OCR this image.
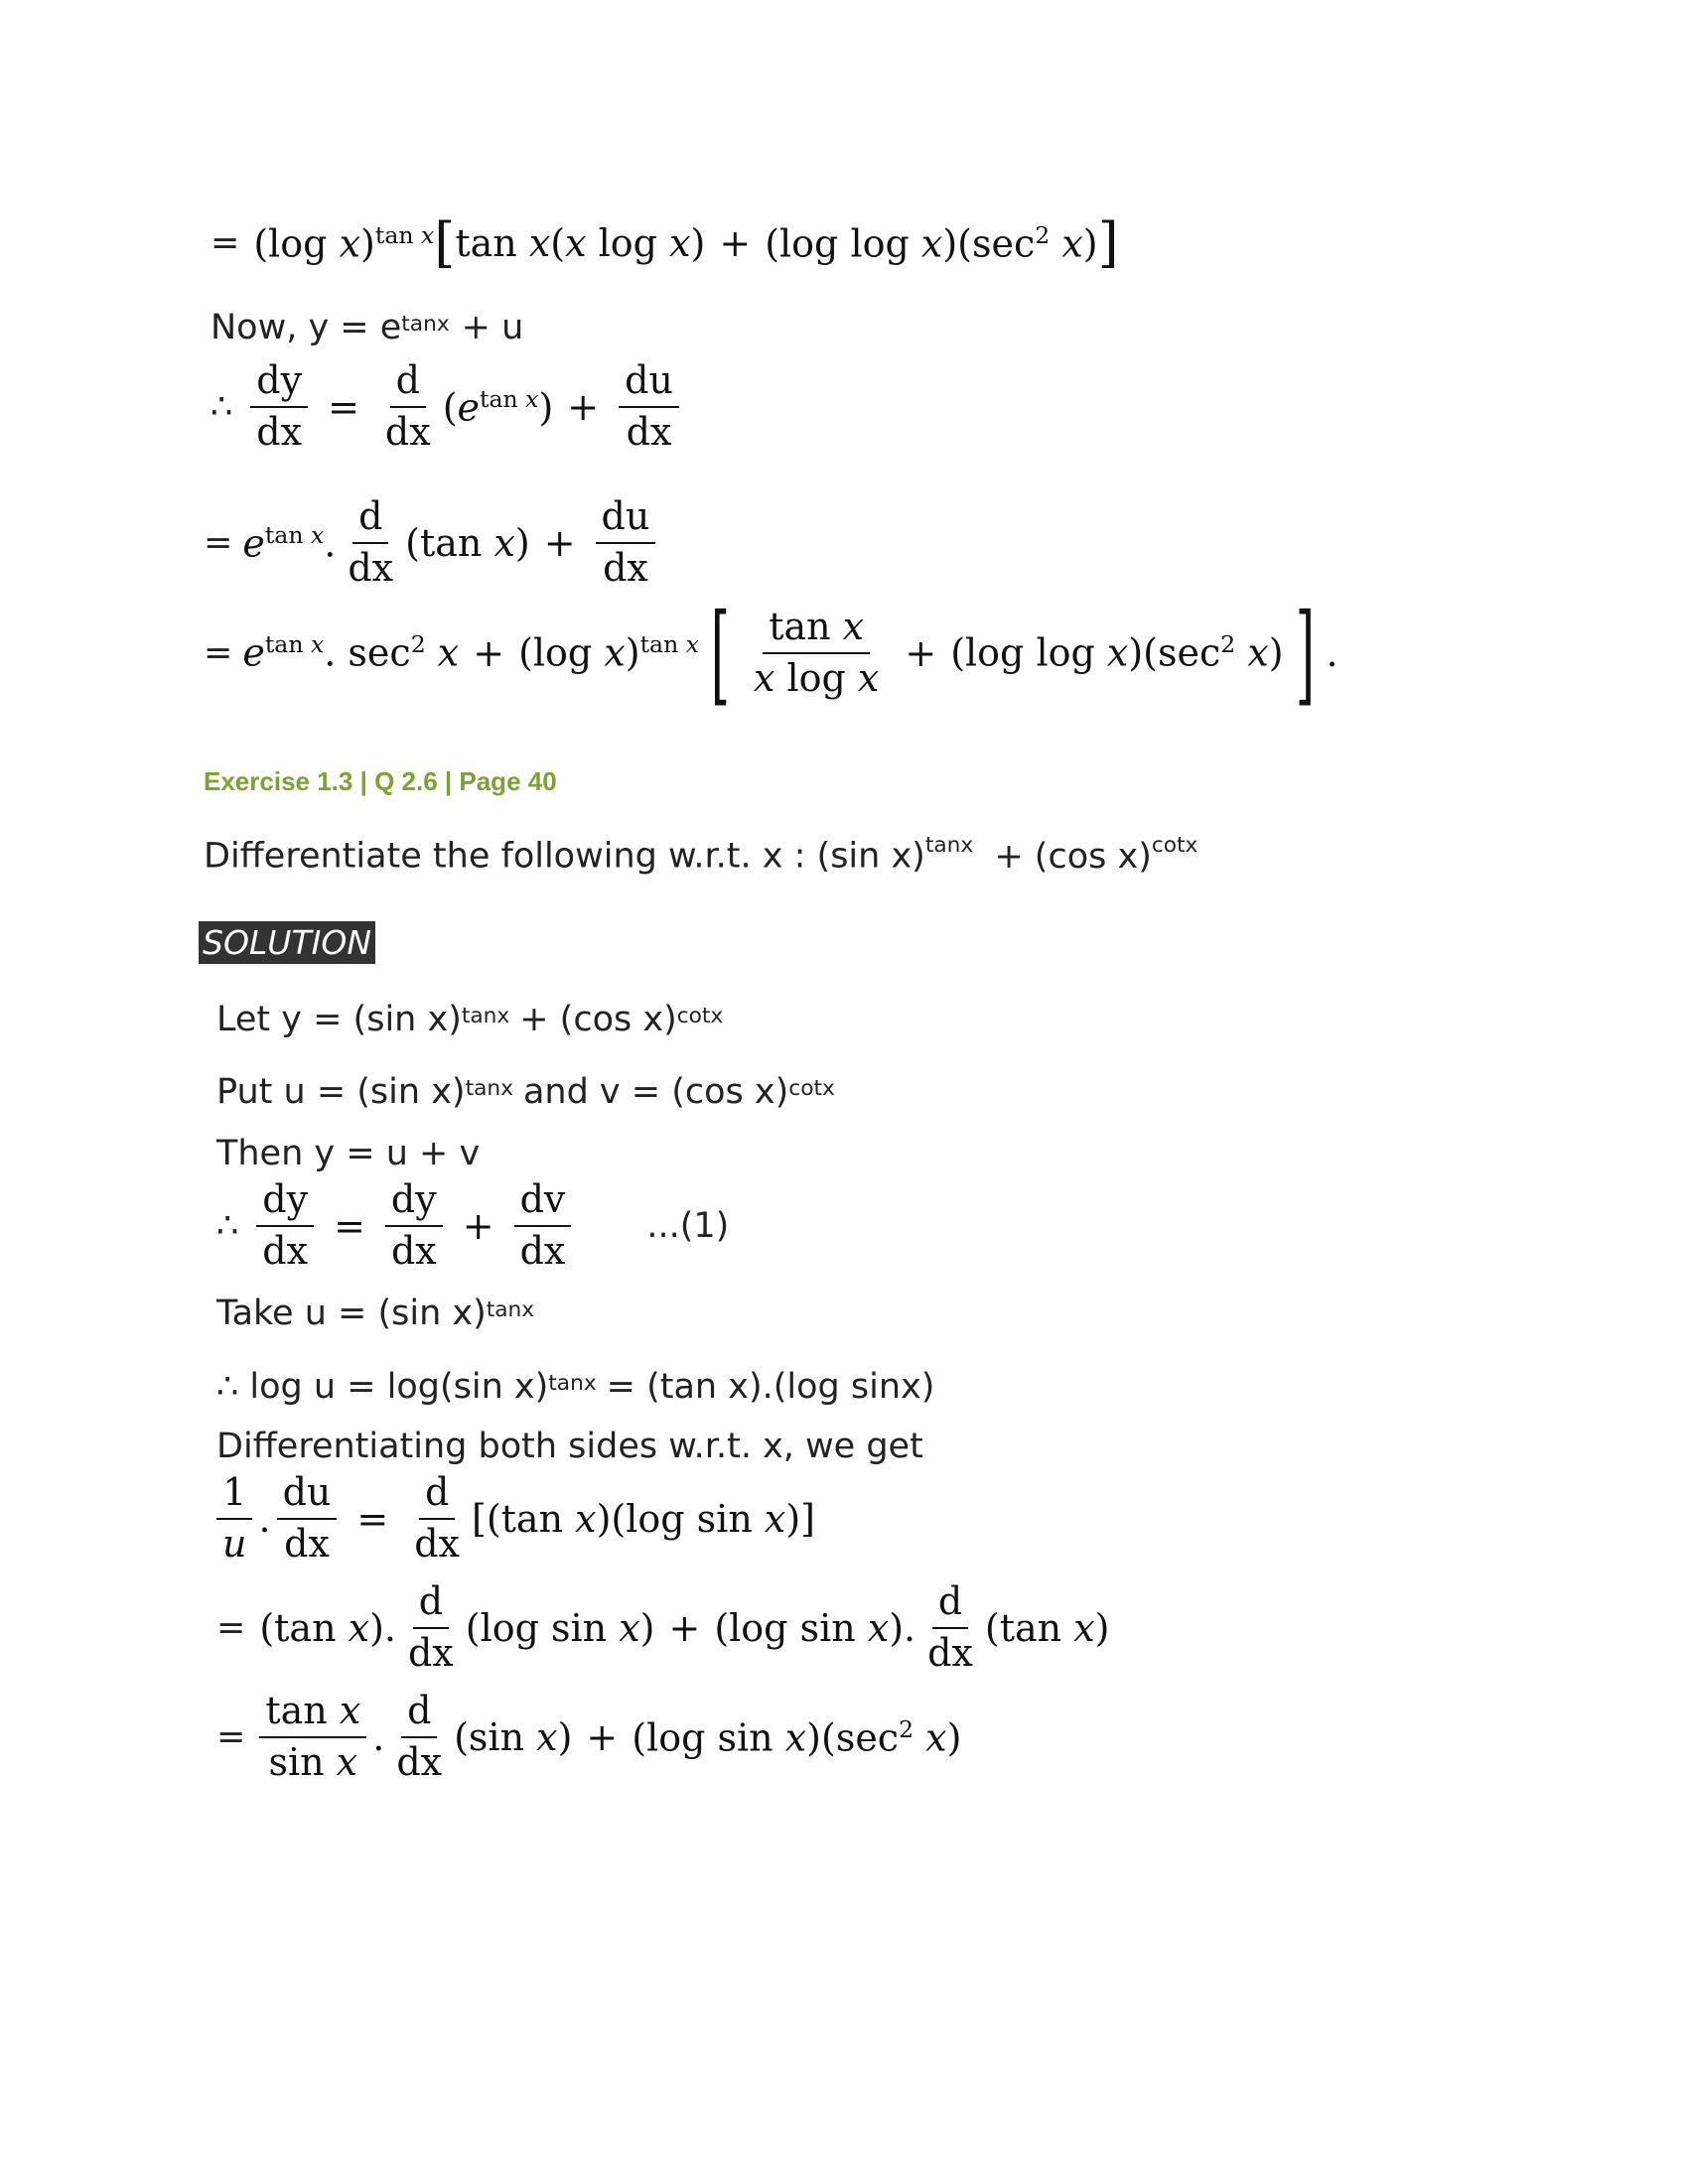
= (log x)$^{tan x}$ [ tan x(x log x) + (log $\log x)(\sec^2$ x) ]
Now, $y = e^{tanx} + u$
∴ $\frac{dy}{dx} = \frac{d}{dx} (e^{tan x}) + \frac{du}{dx}$
= $e^{tan x}$. $\frac{d}{dx} (\tan$ $x) + \frac{du}{dx}$
= $e^{tan x}$. $\sec^2 x + (\log$ x)$^{tan x}$ [ $\frac{\text{tan x}}{\text{x log x}} + (\log$ $\log x)(\sec^2$ x) ] .
Exercise 1.3 | Q 2.6 | Page 40
Differentiate the following w.r.t. x : (sin x)$^{tanx}$ + (cos x)$^{cotx}$
SOLUTION
Let y = (sin x)$^{tanx}$ + (cos x)$^{cotx}$
Put u = (sin x)$^{tanx}$ and v = (cos x)$^{cotx}$
Then y = u + v
∴ $\frac{dy}{dx} = \frac{dy}{dx} + \frac{dv}{dx} ...(1)$
Take u = (sin x)$^{tanx}$
∴ log u = log(sin x)$^{tanx}$ = (tan x).(log sinx)
Differentiating both sides w.r.t. x, we get
$\frac{1}{u}$ . $\frac{du}{dx} = \frac{d}{dx} [(\tan$ x)(log sin x)]
= (tan x). $\frac{d}{dx} (\log$ sin x) + (log sin x). $\frac{d}{dx} (\tan$ x)
= $\frac{\text{tan x}}{\text{sin x}}$ . $\frac{d}{dx} (\sin$ x) + (log $\sin x)(\sec^2$ x)
